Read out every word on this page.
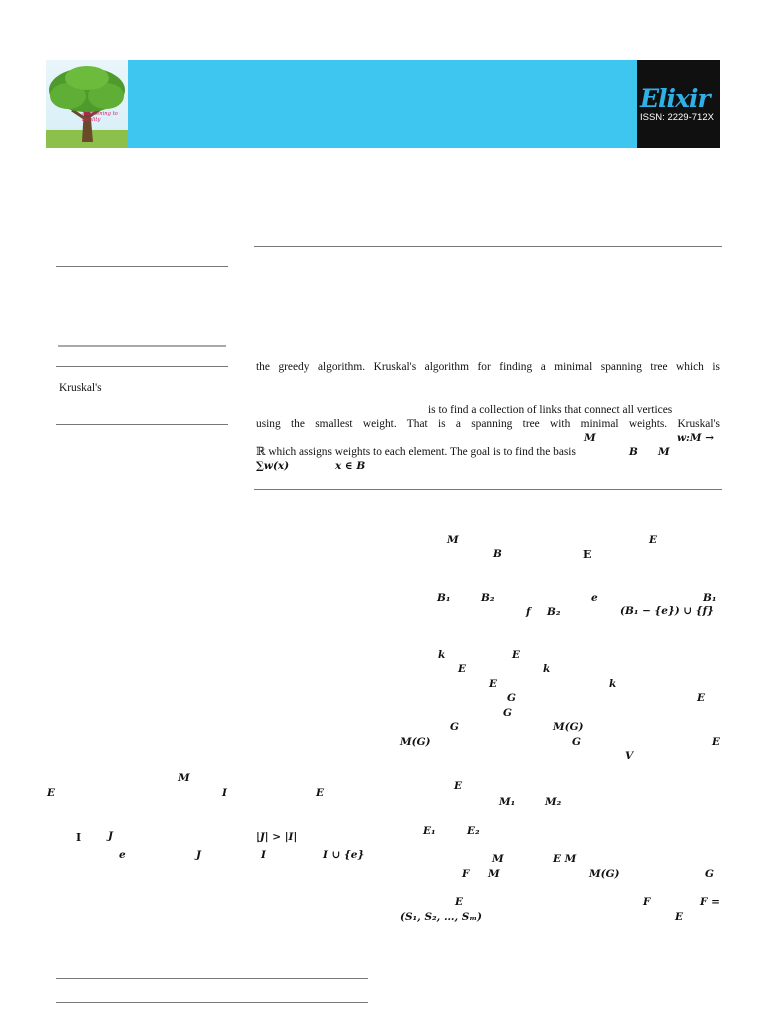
Awakening to Reality
Elixir
ISSN: 2229-712X
Kruskal's
the greedy algorithm. Kruskal's algorithm for finding a minimal spanning tree which is
is to find a collection of links that connect all vertices
using the smallest weight. That is a spanning tree with minimal weights. Kruskal's
M	w:M →
ℝ which assigns weights to each element. The goal is to find the basis	B M
∑w(x)	x ∈ B
M
E	I	E
I	J	|J| > |I|
e	J	I	I ∪ {e}
M	E
B	E
B₁	B₂	e	B₁
f B₂	(B₁ − {e}) ∪ {f}
k	E
E	k
E	k
G	E
G
G	M(G)
M(G)	G	E
V
E
M₁	M₂
E₁	E₂
M	E M
F M	M(G)	G
E	F	F =
(S₁, S₂, …, Sₘ)	E
